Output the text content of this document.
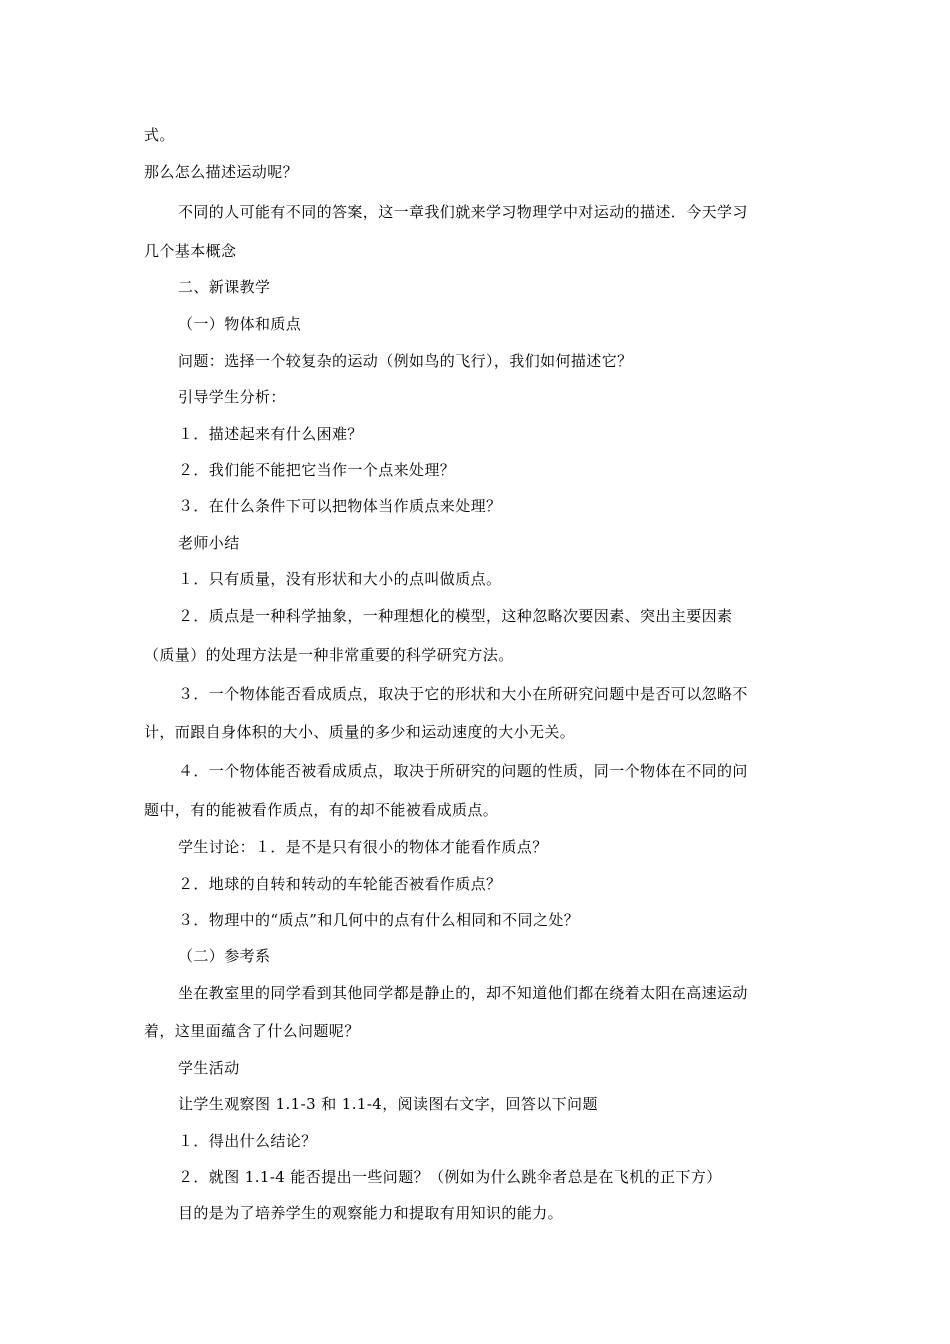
式。
那么怎么描述运动呢？
不同的人可能有不同的答案，这一章我们就来学习物理学中对运动的描述．今天学习
几个基本概念
二、新课教学
（一）物体和质点
问题：选择一个较复杂的运动（例如鸟的飞行），我们如何描述它？
引导学生分析：
１．描述起来有什么困难？
２．我们能不能把它当作一个点来处理？
３．在什么条件下可以把物体当作质点来处理？
老师小结
１．只有质量，没有形状和大小的点叫做质点。
２．质点是一种科学抽象，一种理想化的模型，这种忽略次要因素、突出主要因素
（质量）的处理方法是一种非常重要的科学研究方法。
３．一个物体能否看成质点，取决于它的形状和大小在所研究问题中是否可以忽略不
计，而跟自身体积的大小、质量的多少和运动速度的大小无关。
４．一个物体能否被看成质点，取决于所研究的问题的性质，同一个物体在不同的问
题中，有的能被看作质点，有的却不能被看成质点。
学生讨论：１．是不是只有很小的物体才能看作质点？
２．地球的自转和转动的车轮能否被看作质点？
３．物理中的“质点”和几何中的点有什么相同和不同之处？
（二）参考系
坐在教室里的同学看到其他同学都是静止的，却不知道他们都在绕着太阳在高速运动
着，这里面蕴含了什么问题呢？
学生活动
让学生观察图 1.1-3 和 1.1-4，阅读图右文字，回答以下问题
１．得出什么结论？
２．就图 1.1-4 能否提出一些问题？（例如为什么跳伞者总是在飞机的正下方）
目的是为了培养学生的观察能力和提取有用知识的能力。
